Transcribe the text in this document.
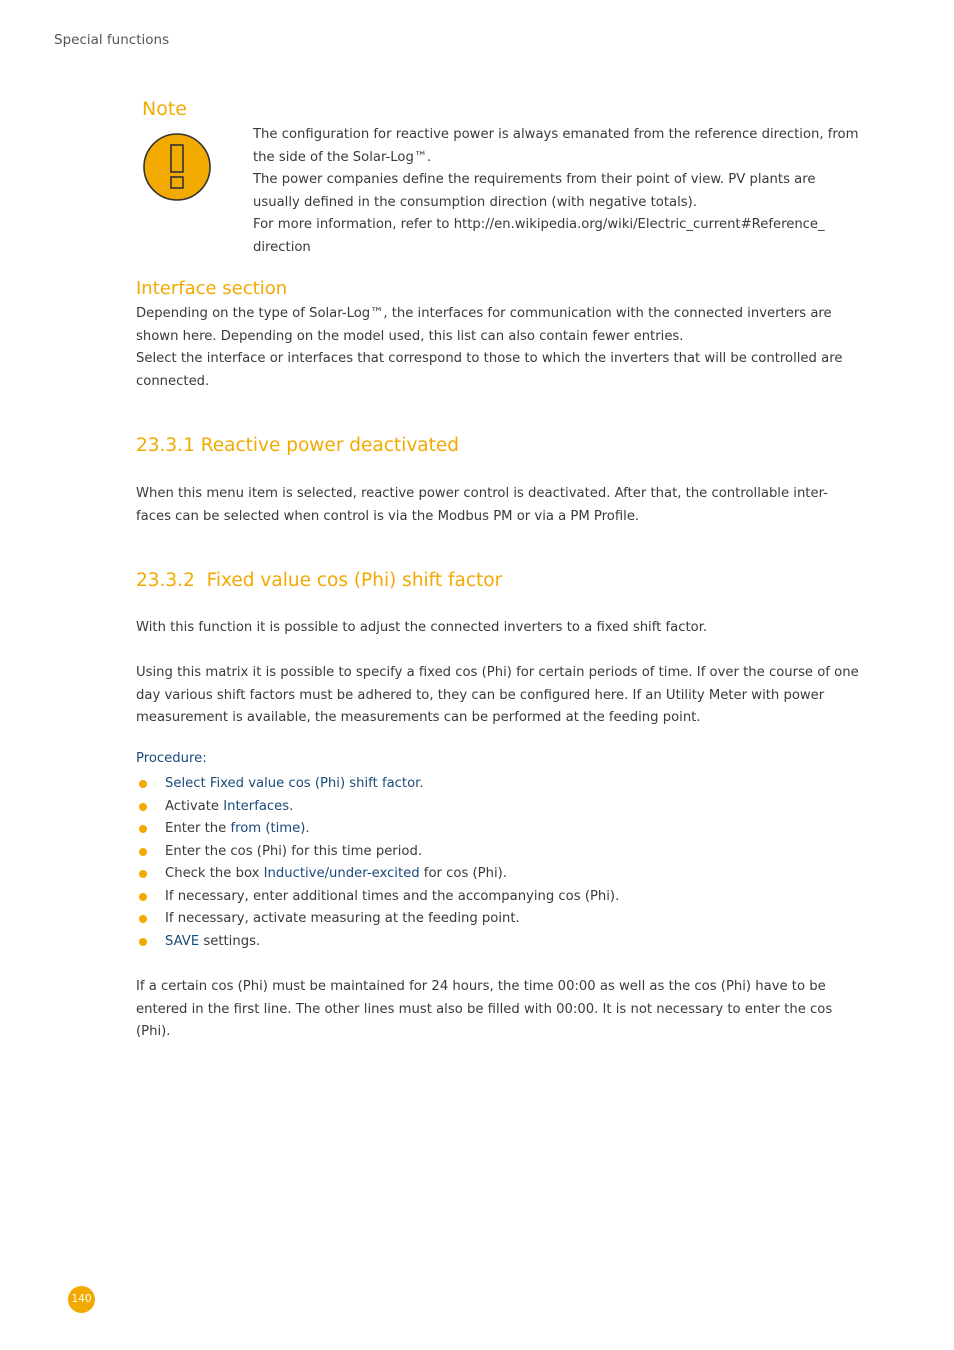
Special functions
Note

The configuration for reactive power is always emanated from the reference direction, from the side of the Solar-Log™.

The power companies define the requirements from their point of view. PV plants are usually defined in the consumption direction (with negative totals).

For more information, refer to http://en.wikipedia.org/wiki/Electric_current#Reference_ direction

Interface section

Depending on the type of Solar-Log™, the interfaces for communication with the connected inverters are shown here. Depending on the model used, this list can also contain fewer entries.

Select the interface or interfaces that correspond to those to which the inverters that will be controlled are connected.

23.3.1 Reactive power deactivated

When this menu item is selected, reactive power control is deactivated. After that, the controllable inter- faces can be selected when control is via the Modbus PM or via a PM Profile.

23.3.2  Fixed value cos (Phi) shift factor

With this function it is possible to adjust the connected inverters to a fixed shift factor.

Using this matrix it is possible to specify a fixed cos (Phi) for certain periods of time. If over the course of one day various shift factors must be adhered to, they can be configured here. If an Utility Meter with power measurement is available, the measurements can be performed at the feeding point.

Procedure:
Select Fixed value cos (Phi) shift factor.
Activate Interfaces.
Enter the from (time).
Enter the cos (Phi) for this time period.
Check the box Inductive/under-excited for cos (Phi).
If necessary, enter additional times and the accompanying cos (Phi).
If necessary, activate measuring at the feeding point.
SAVE settings.

If a certain cos (Phi) must be maintained for 24 hours, the time 00:00 as well as the cos (Phi) have to be entered in the first line. The other lines must also be filled with 00:00. It is not necessary to enter the cos (Phi).

140
